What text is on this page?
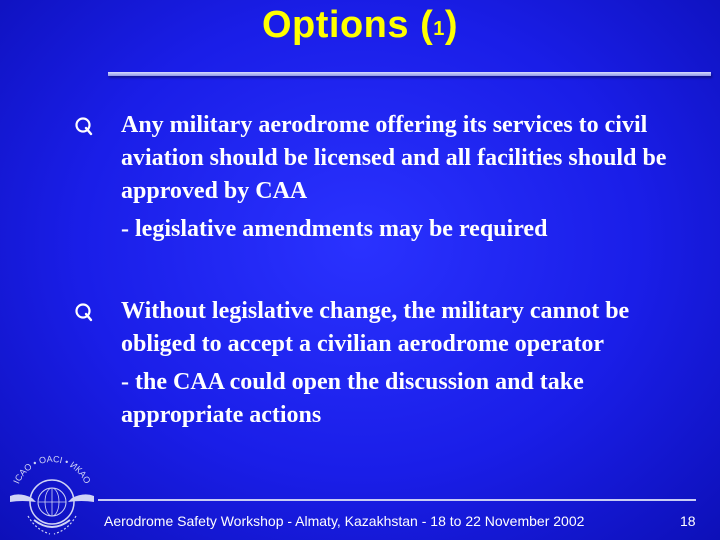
Options (1)
Any military aerodrome offering its services to civil aviation should be licensed and all facilities should be approved by CAA
- legislative amendments may be required
Without legislative change, the military cannot be obliged to accept a civilian aerodrome operator
- the CAA could open the discussion and take appropriate actions
ICAO • OACI • ИКАО
Aerodrome Safety Workshop - Almaty, Kazakhstan - 18 to 22 November 2002	18
